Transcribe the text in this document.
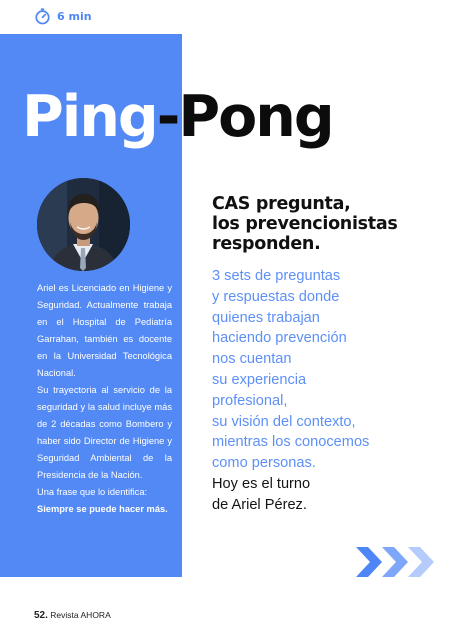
6 min
Ping-Pong

Ariel es Licenciado en Higiene y Seguridad. Actualmente trabaja en el Hospital de Pediatría Garrahan, también es docente en la Universidad Tecnológica Nacional.

Su trayectoria al servicio de la seguridad y la salud incluye más de 2 décadas como Bombero y haber sido Director de Higiene y Seguridad Ambiental de la Presidencia de la Nación.

Una frase que lo identifica:

Siempre se puede hacer más.

CAS pregunta,
los prevencionistas
responden.
3 sets de preguntas
y respuestas donde
quienes trabajan
haciendo prevención
nos cuentan
su experiencia
profesional,
su visión del contexto,
mientras los conocemos
como personas.
Hoy es el turno
de Ariel Pérez.
52. Revista AHORA
